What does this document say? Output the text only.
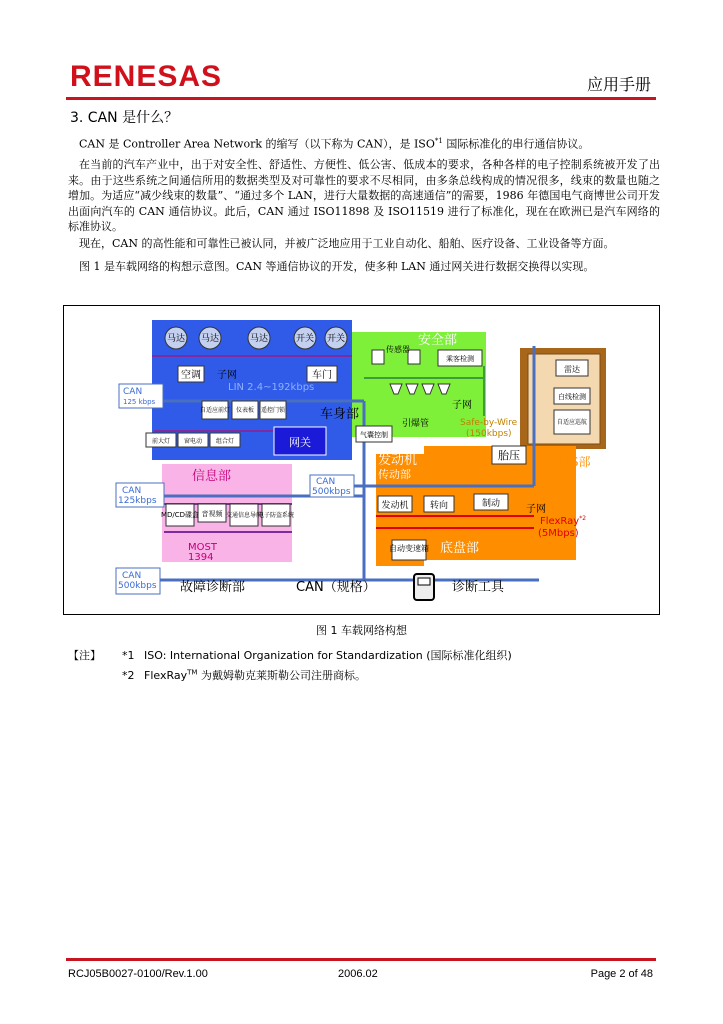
RENESAS	应用手册
3. CAN 是什么？
CAN 是 Controller Area Network 的缩写（以下称为 CAN），是 ISO$^{*1}$ 国际标准化的串行通信协议。
在当前的汽车产业中，出于对安全性、舒适性、方便性、低公害、低成本的要求，各种各样的电子控制系统被开发了出来。由于这些系统之间通信所用的数据类型及对可靠性的要求不尽相同，由多条总线构成的情况很多，线束的数量也随之增加。为适应“减少线束的数量”、“通过多个 LAN，进行大量数据的高速通信”的需要，1986 年德国电气商博世公司开发出面向汽车的 CAN 通信协议。此后，CAN 通过 ISO11898 及 ISO11519 进行了标准化，现在在欧洲已是汽车网络的标准协议。
现在，CAN 的高性能和可靠性已被认同，并被广泛地应用于工业自动化、船舶、医疗设备、工业设备等方面。
图 1 是车载网络的构想示意图。CAN 等通信协议的开发，使多种 LAN 通过网关进行数据交换得以实现。
马达 马达	马达	开关 开关
空调 子网	车门
LIN 2.4~192kbps
自适应前灯 仪表板 遥控门锁
前大灯 窗电动 组合灯
车身部
网关
CAN
125 kbps
CAN
125kbps
CAN
500kbps
CAN
500kbps
安全部
传感器
乘客检测
子网
引爆管	Safe-by-Wire
(150kbps)
气囊控制
雷达
白线检测
自适应巡航
ITS部
信息部
MD/CD碟盒 音视频 交通信息导航
电子防盗系统
MOST
1394
发动机
传动部
胎压
发动机 转向	制动
自动变速箱
子网
FlexRay$^{*2}$
(5Mbps)
底盘部
故障诊断部	CAN（规格）	诊断工具
图 1 车载网络构想
【注】 *1 ISO: International Organization for Standardization (国际标准化组织)
*2 FlexRay™ 为戴姆勒克莱斯勒公司注册商标。
RCJ05B0027-0100/Rev.1.00	2006.02	Page 2 of 48
